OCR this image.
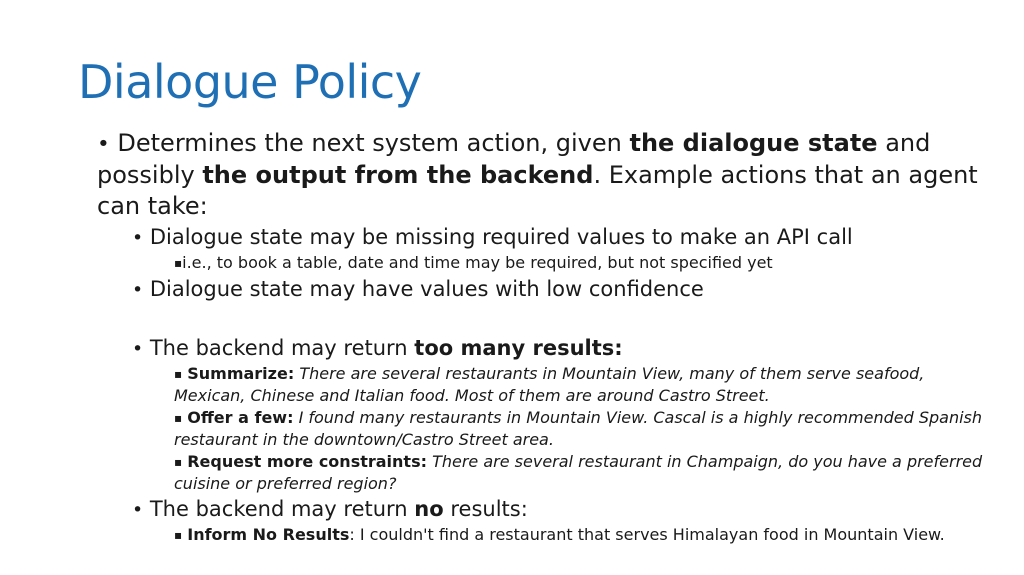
Dialogue Policy

• Determines the next system action, given the dialogue state and possibly the output from the backend. Example actions that an agent can take:

• Dialogue state may be missing required values to make an API call

▪i.e., to book a table, date and time may be required, but not specified yet

• Dialogue state may have values with low confidence

• The backend may return too many results:

▪ Summarize: There are several restaurants in Mountain View, many of them serve seafood, Mexican, Chinese and Italian food. Most of them are around Castro Street.

▪ Offer a few: I found many restaurants in Mountain View. Cascal is a highly recommended Spanish restaurant in the downtown/Castro Street area.

▪ Request more constraints: There are several restaurant in Champaign, do you have a preferred cuisine or preferred region?

• The backend may return no results:

▪ Inform No Results: I couldn't find a restaurant that serves Himalayan food in Mountain View.
